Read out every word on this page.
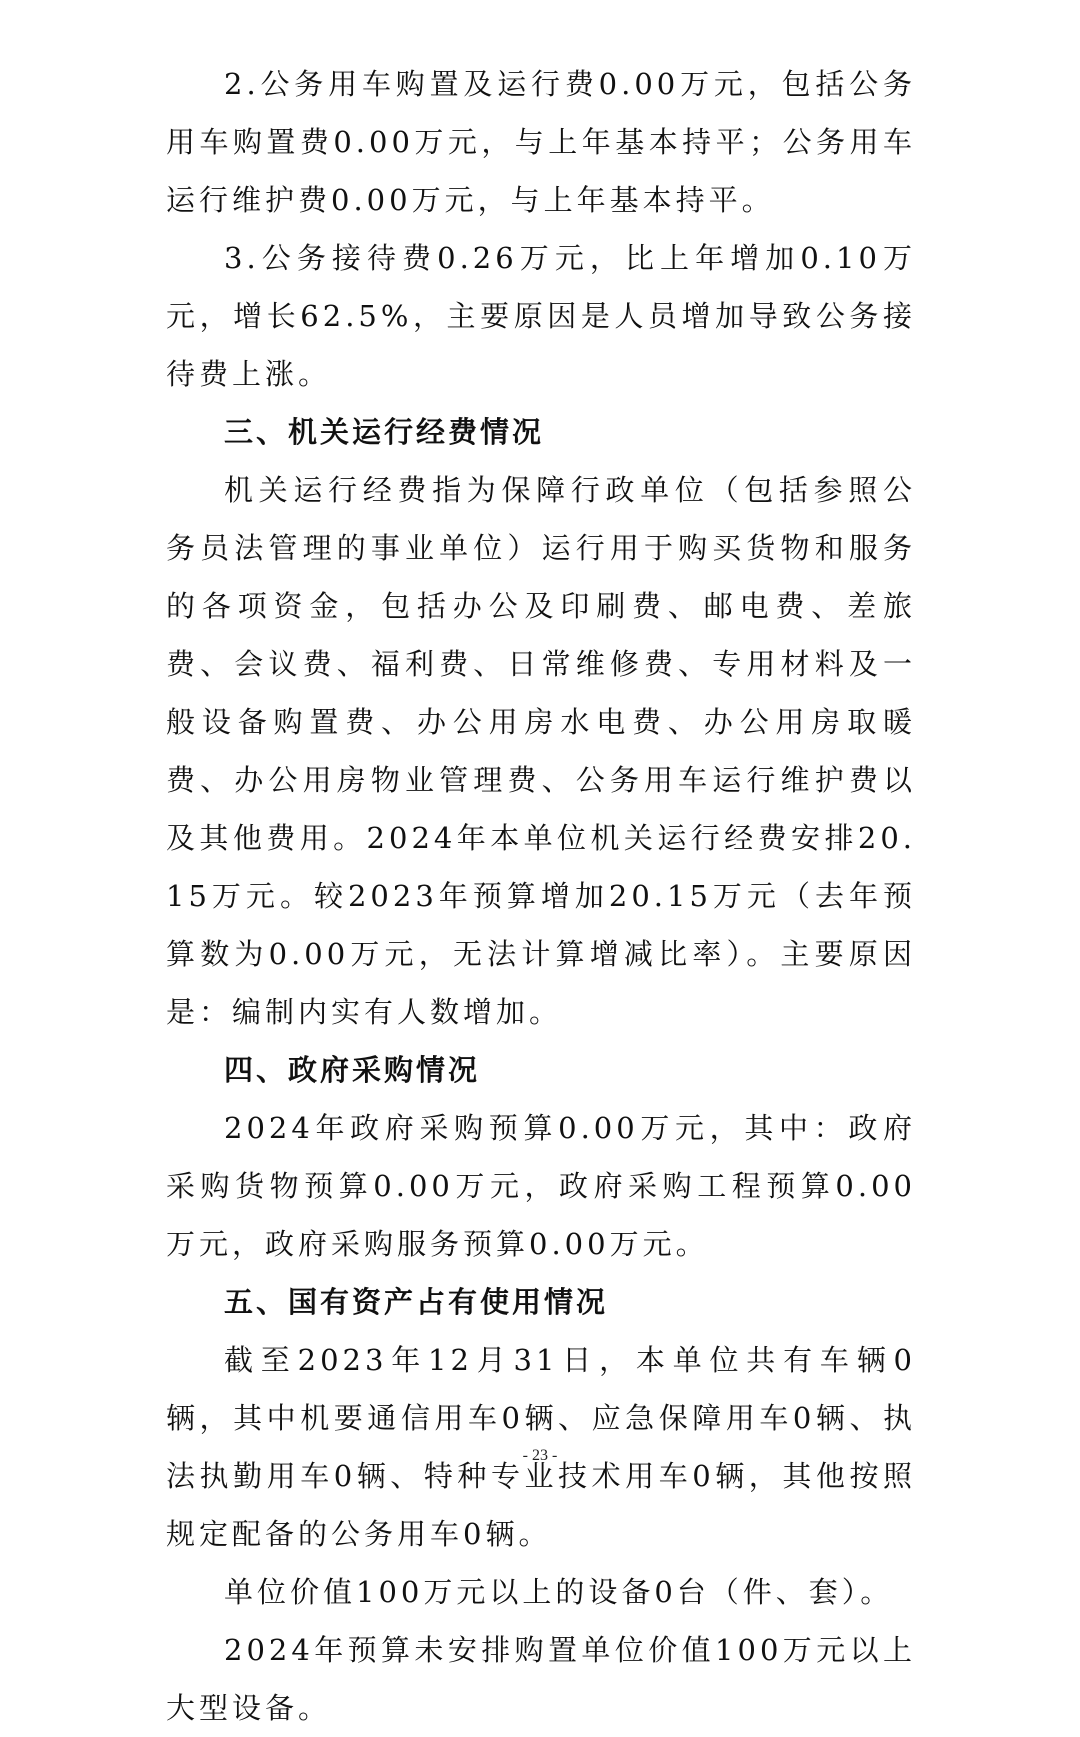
2.公务用车购置及运行费0.00万元，包括公务用车购置费0.00万元，与上年基本持平；公务用车运行维护费0.00万元，与上年基本持平。

3.公务接待费0.26万元，比上年增加0.10万元，增长62.5%，主要原因是人员增加导致公务接待费上涨。

三、机关运行经费情况

机关运行经费指为保障行政单位（包括参照公务员法管理的事业单位）运行用于购买货物和服务的各项资金，包括办公及印刷费、邮电费、差旅费、会议费、福利费、日常维修费、专用材料及一般设备购置费、办公用房水电费、办公用房取暖费、办公用房物业管理费、公务用车运行维护费以及其他费用。2024年本单位机关运行经费安排20.15万元。较2023年预算增加20.15万元（去年预算数为0.00万元，无法计算增减比率）。主要原因是：编制内实有人数增加。

四、政府采购情况

2024年政府采购预算0.00万元，其中：政府采购货物预算0.00万元，政府采购工程预算0.00万元，政府采购服务预算0.00万元。

五、国有资产占有使用情况

截至2023年12月31日，本单位共有车辆0辆，其中机要通信用车0辆、应急保障用车0辆、执法执勤用车0辆、特种专业技术用车0辆，其他按照规定配备的公务用车0辆。

单位价值100万元以上的设备0台（件、套）。

2024年预算未安排购置单位价值100万元以上大型设备。

- 23 -
